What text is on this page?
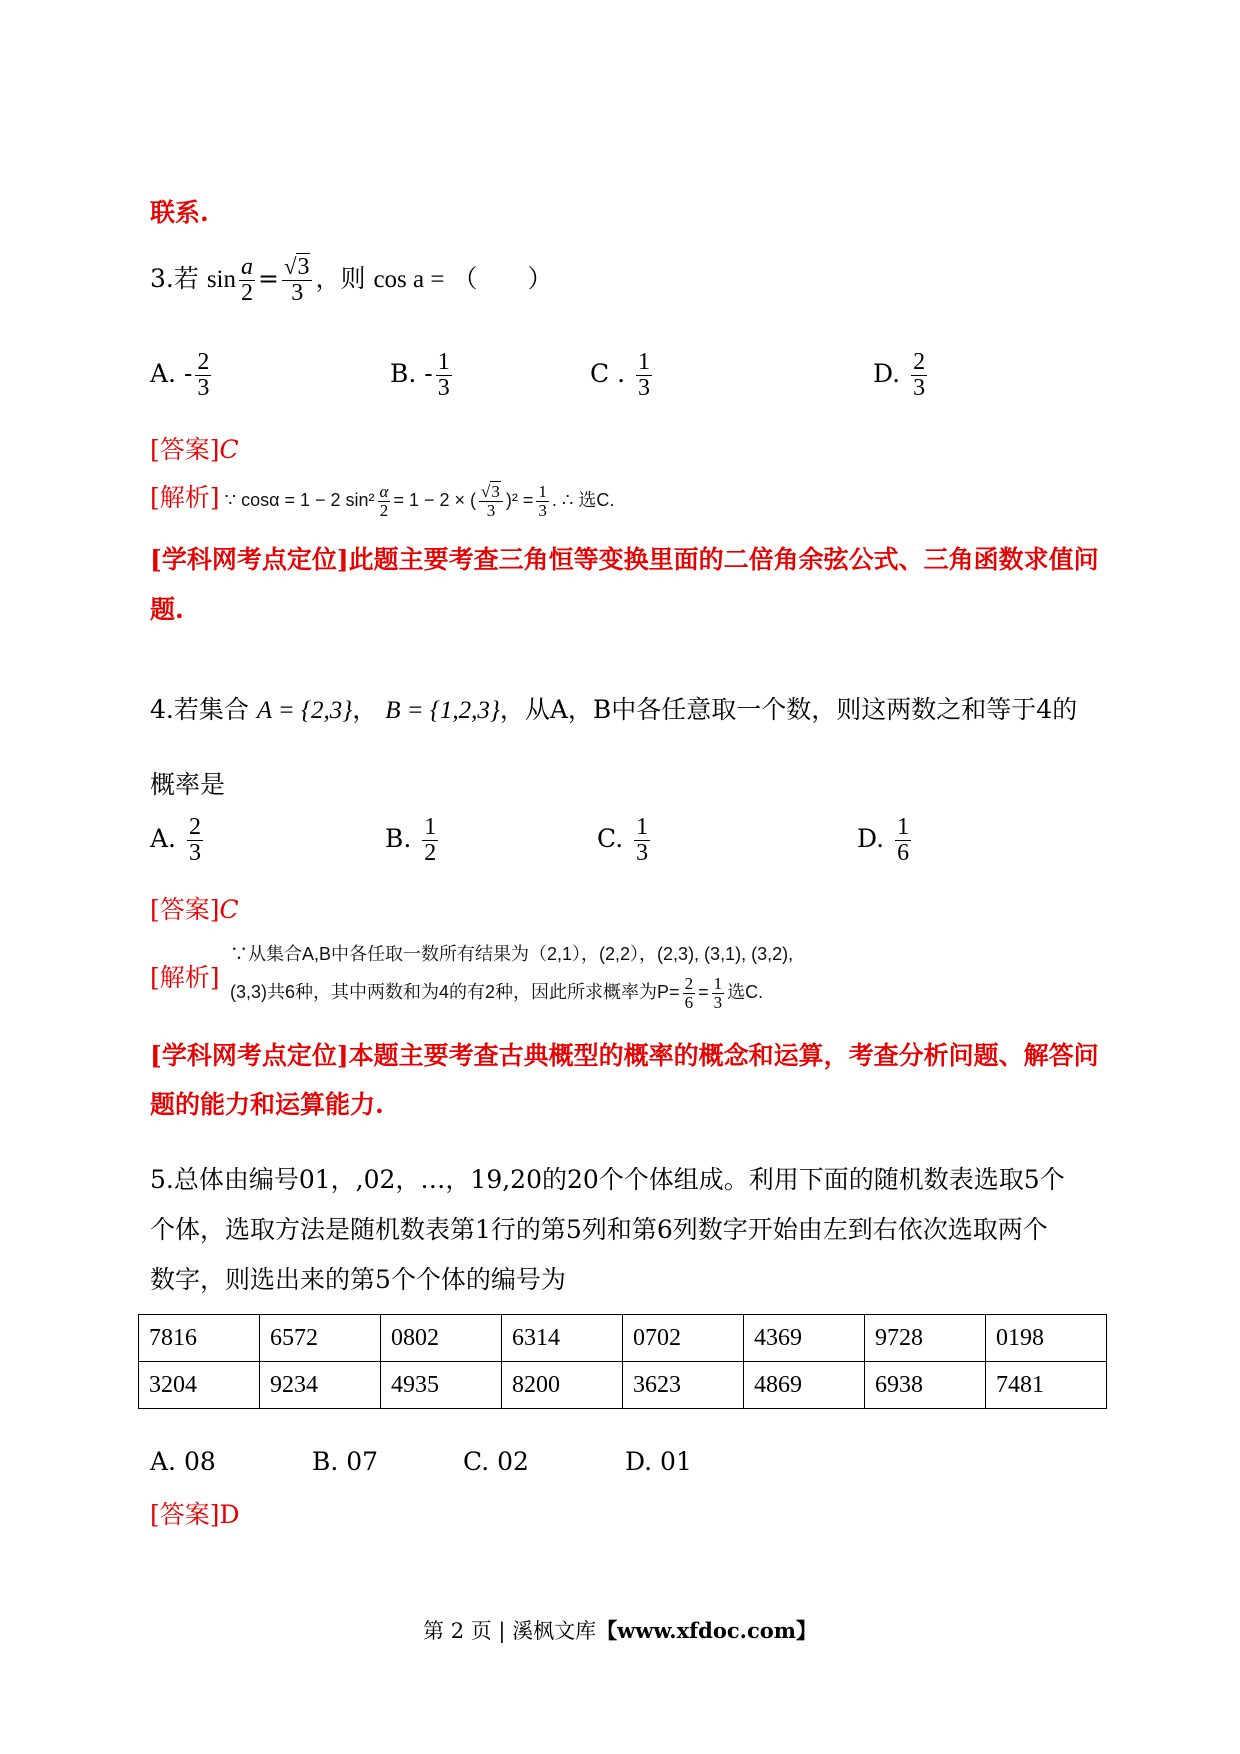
联系.
3.若 $\sin \frac{a}{2} = \frac{√3}{3}$ ，则 cos a = （　　）
A. - $\frac{2}{3}$	B. - $\frac{1}{3}$	C . $\frac{1}{3}$	D. $\frac{2}{3}$
[答案]C
[解析] ∵ cosα = 1 − 2 $\sin^2 \frac{\alpha}{2} = 1 - 2$ × ( $\frac{√3}{3} )^2 = \frac{1}{3}$ . ∴ 选C.
[学科网考点定位]此题主要考查三角恒等变换里面的二倍角余弦公式、三角函数求值问
题.
4.若集合 A = {2,3}， B = {1,2,3}，从A，B中各任意取一个数，则这两数之和等于4的
概率是
A. $\frac{2}{3}$	B. $\frac{1}{2}$	C. $\frac{1}{3}$	D. $\frac{1}{6}$
[答案]C
[解析]
∵从集合A,B中各任取一数所有结果为（2,1），(2,2），(2,3), (3,1), (3,2),
(3,3)共6种，其中两数和为4的有2种，因此所求概率为$P= \frac{2}{6} = \frac{1}{3}$ 选C.
[学科网考点定位]本题主要考查古典概型的概率的概念和运算，考查分析问题、解答问
题的能力和运算能力.
5.总体由编号01，,02，…，19,20的20个个体组成。利用下面的随机数表选取5个
个体，选取方法是随机数表第1行的第5列和第6列数字开始由左到右依次选取两个
数字，则选出来的第5个个体的编号为
7816	6572	0802	6314	0702	4369	9728	0198
3204	9234	4935	8200	3623	4869	6938	7481
A. 08	B. 07	C. 02	D. 01
[答案]D
第 2 页 | 溪枫文库【www.xfdoc.com】
